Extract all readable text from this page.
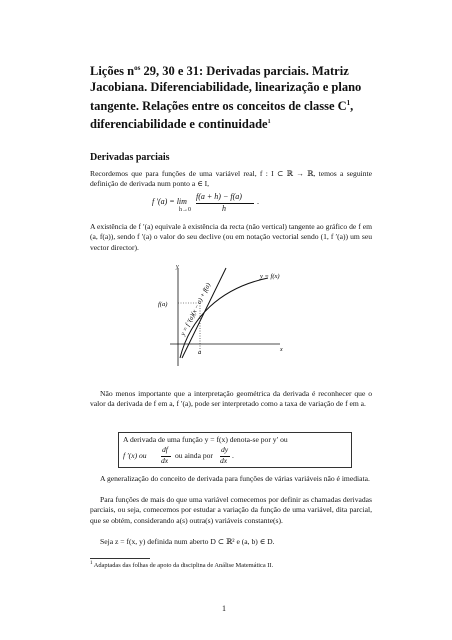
Lições $n^{os}$ 29, 30 e 31: Derivadas parciais. Matriz Jacobiana. Diferenciabilidade, linearização e plano tangente. Relações entre os conceitos de classe $C^1$, diferenciabilidade e continuidade$^1$
Derivadas parciais
Recordemos que para funções de uma variável real, f : I ⊂ ℝ → ℝ, temos a seguinte definição de derivada num ponto a ∈ I,
f ′(a) = lim
h→0
f(a + h) − f(a)
h
.
A existência de f ′(a) equivale à existência da recta (não vertical) tangente ao gráfico de f em (a, f(a)), sendo f ′(a) o valor do seu declive (ou em notação vectorial sendo (1, f ′(a)) um seu vector director).
y
x
y = f(x)
y = f ′(a)(x − a) + f(a)
f(a)
a
Não menos importante que a interpretação geométrica da derivada é reconhecer que o valor da derivada de f em a, f ′(a), pode ser interpretado como a taxa de variação de f em a.
A derivada de uma função y = f(x) denota-se por y′ ou
f ′(x) ou
df
dx
ou ainda por
dy
dx
.
A generalização do conceito de derivada para funções de várias variáveis não é imediata.
Para funções de mais do que uma variável comecemos por definir as chamadas derivadas parciais, ou seja, comecemos por estudar a variação da função de uma variável, dita parcial, que se obtém, considerando a(s) outra(s) variáveis constante(s).
Seja z = f(x, y) definida num aberto D ⊂ ℝ² e (a, b) ∈ D.
$^1$ Adaptadas das folhas de apoio da disciplina de Análise Matemática II.
1
